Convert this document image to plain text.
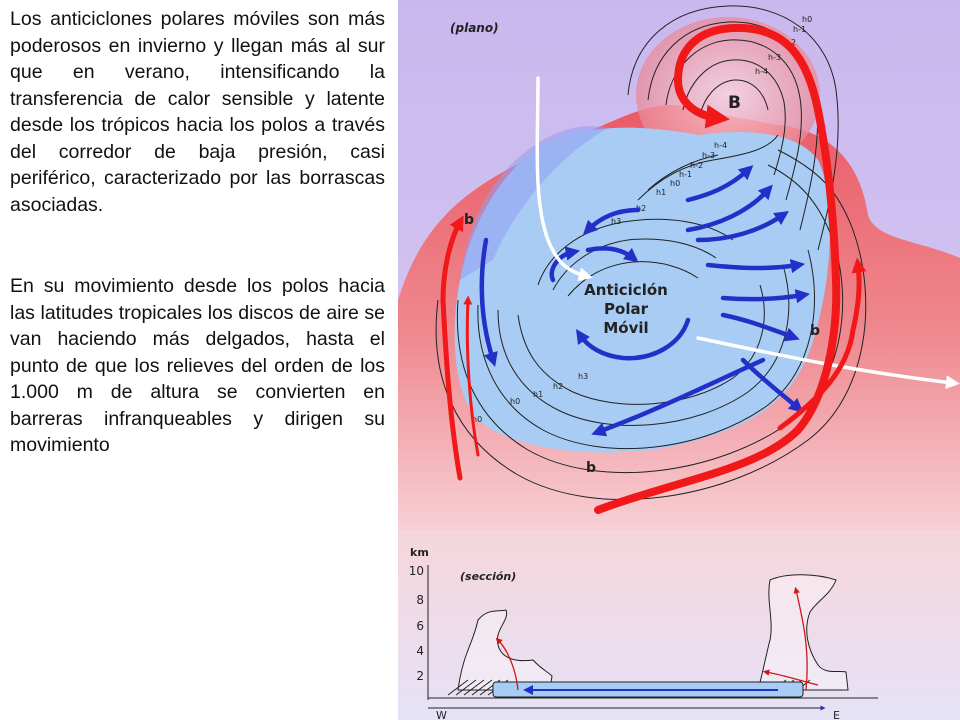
Los anticiclones polares móviles son más poderosos en invierno y llegan más al sur que en verano, intensificando la transferencia de calor sensible y latente desde los trópicos hacia los polos a través del corredor de baja presión, casi periférico, caracterizado por las borrascas asociadas.

En su movimiento desde los polos hacia las latitudes tropicales los discos de aire se van haciendo más delgados, hasta el punto de que los relieves del orden de los 1.000 m de altura se convierten en barreras infranqueables y dirigen su movimiento

h0
h0
h1
h2
h3
h3
h2
h1
h0
h-1
h-2
h-3
h-4
h-4
h-3
h-2
h-1
h0
(plano)
B
b
b
b
Anticiclón
Polar
Móvil
km
10
8
6
4
2
(sección)
W	E
